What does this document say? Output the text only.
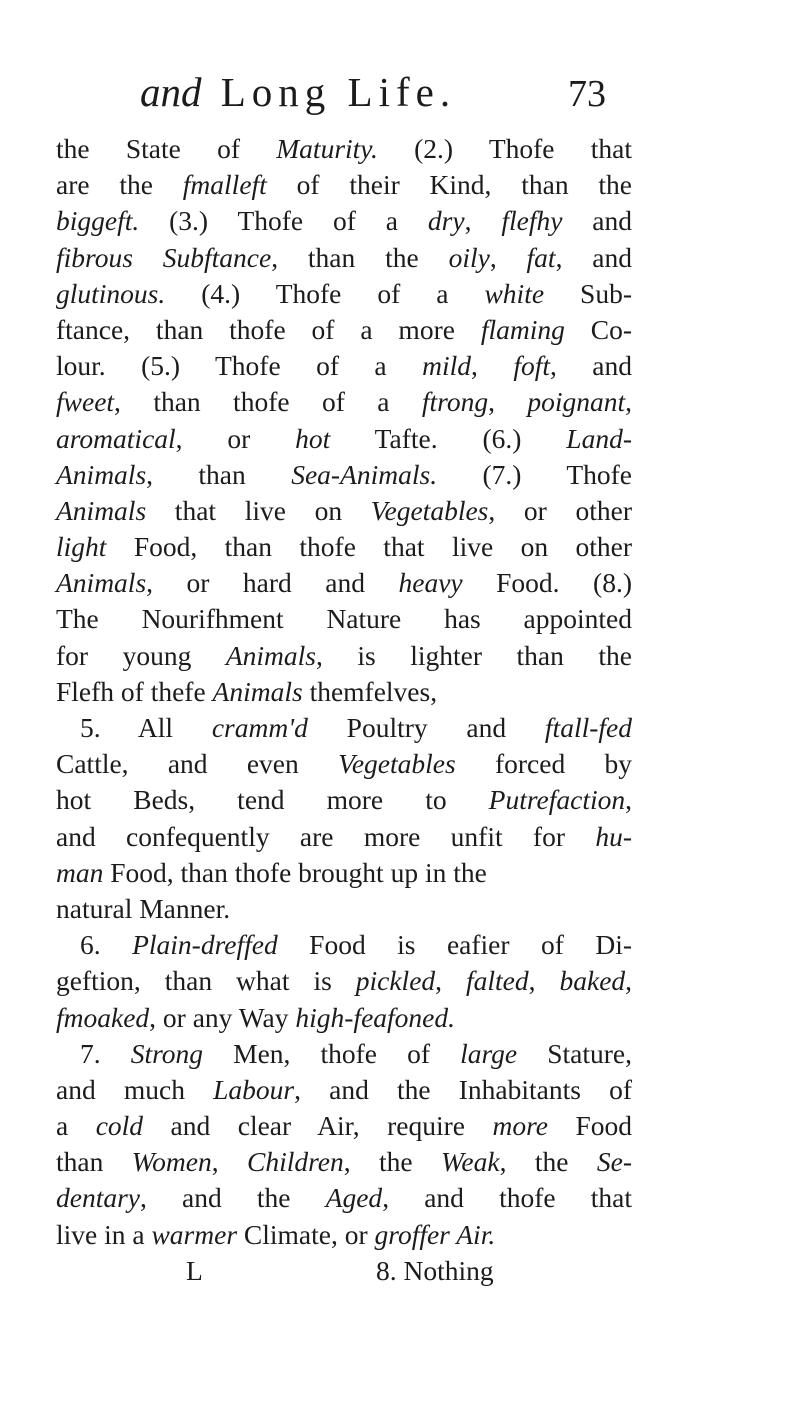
and Long Life.	73
the State of Maturity. (2.) Thofe that
are the fmalleft of their Kind, than the
biggeft. (3.) Thofe of a dry, flefhy and
fibrous Subftance, than the oily, fat, and
glutinous. (4.) Thofe of a white Sub-
ftance, than thofe of a more flaming Co-
lour. (5.) Thofe of a mild, foft, and
fweet, than thofe of a ftrong, poignant,
aromatical, or hot Tafte. (6.) Land-
Animals, than Sea-Animals. (7.) Thofe
Animals that live on Vegetables, or other
light Food, than thofe that live on other
Animals, or hard and heavy Food. (8.)
The Nourifhment Nature has appointed
for young Animals, is lighter than the
Flefh of thefe Animals themfelves,
5. All cramm'd Poultry and ftall-fed
Cattle, and even Vegetables forced by
hot Beds, tend more to Putrefaction,
and confequently are more unfit for hu-
man Food, than thofe brought up in the
natural Manner.
6. Plain-dreffed Food is eafier of Di-
geftion, than what is pickled, falted, baked,
fmoaked, or any Way high-feafoned.
7. Strong Men, thofe of large Stature,
and much Labour, and the Inhabitants of
a cold and clear Air, require more Food
than Women, Children, the Weak, the Se-
dentary, and the Aged, and thofe that
live in a warmer Climate, or groffer Air.
L	8. Nothing
